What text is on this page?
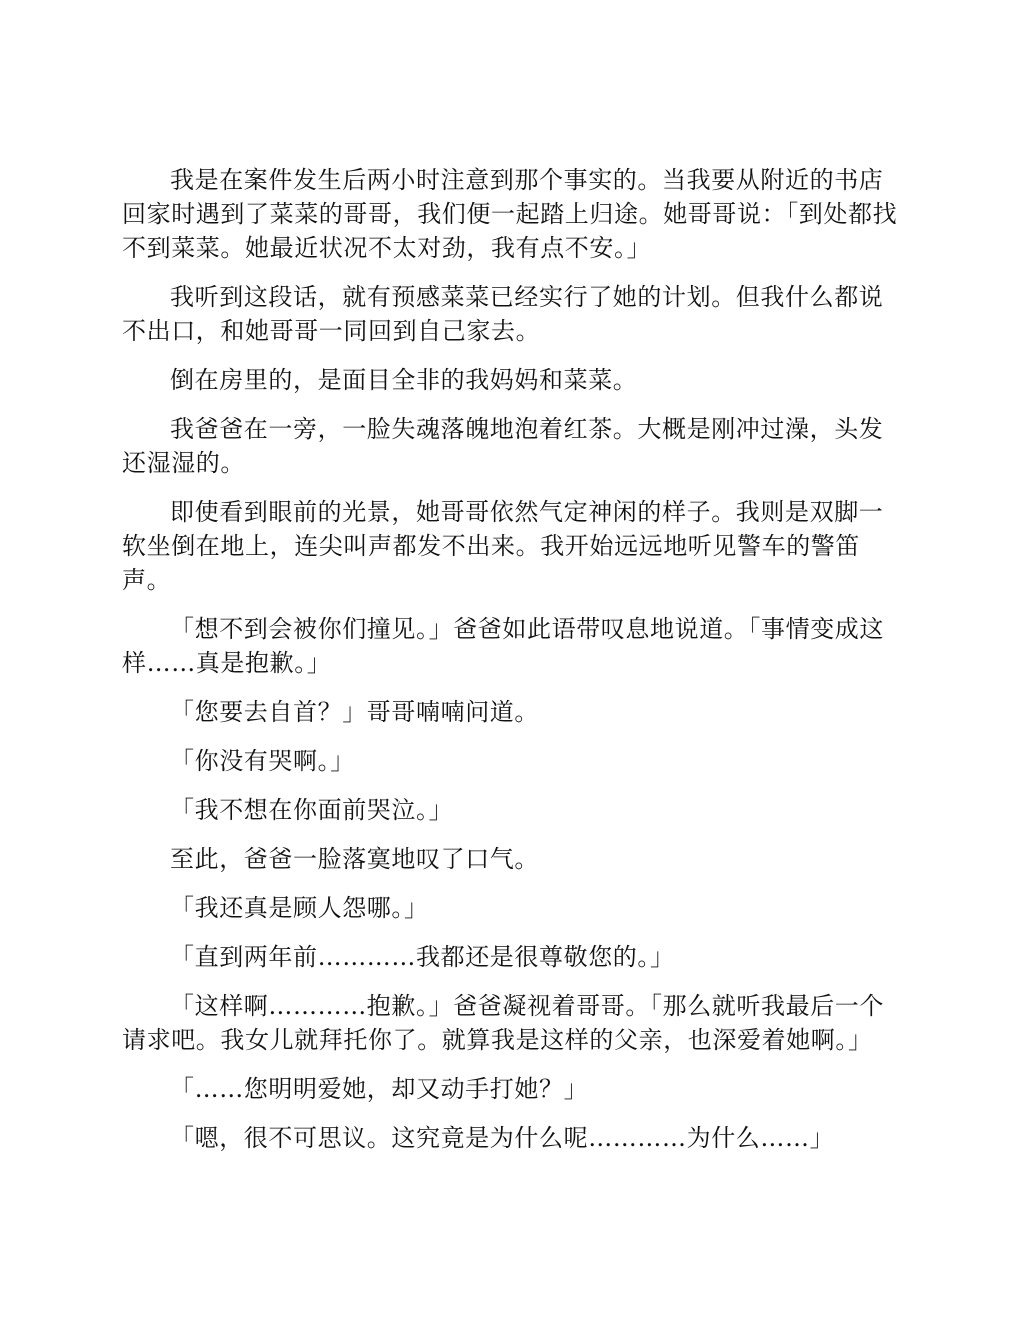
我是在案件发生后两小时注意到那个事实的。当我要从附近的书店回家时遇到了菜菜的哥哥，我们便一起踏上归途。她哥哥说：「到处都找不到菜菜。她最近状况不太对劲，我有点不安。」

我听到这段话，就有预感菜菜已经实行了她的计划。但我什么都说不出口，和她哥哥一同回到自己家去。

倒在房里的，是面目全非的我妈妈和菜菜。

我爸爸在一旁，一脸失魂落魄地泡着红茶。大概是刚冲过澡，头发还湿湿的。

即使看到眼前的光景，她哥哥依然气定神闲的样子。我则是双脚一软坐倒在地上，连尖叫声都发不出来。我开始远远地听见警车的警笛声。

「想不到会被你们撞见。」爸爸如此语带叹息地说道。「事情变成这样……真是抱歉。」

「您要去自首？」哥哥喃喃问道。

「你没有哭啊。」

「我不想在你面前哭泣。」

至此，爸爸一脸落寞地叹了口气。

「我还真是顾人怨哪。」

「直到两年前…………我都还是很尊敬您的。」

「这样啊…………抱歉。」爸爸凝视着哥哥。「那么就听我最后一个请求吧。我女儿就拜托你了。就算我是这样的父亲，也深爱着她啊。」

「……您明明爱她，却又动手打她？」

「嗯，很不可思议。这究竟是为什么呢…………为什么……」
